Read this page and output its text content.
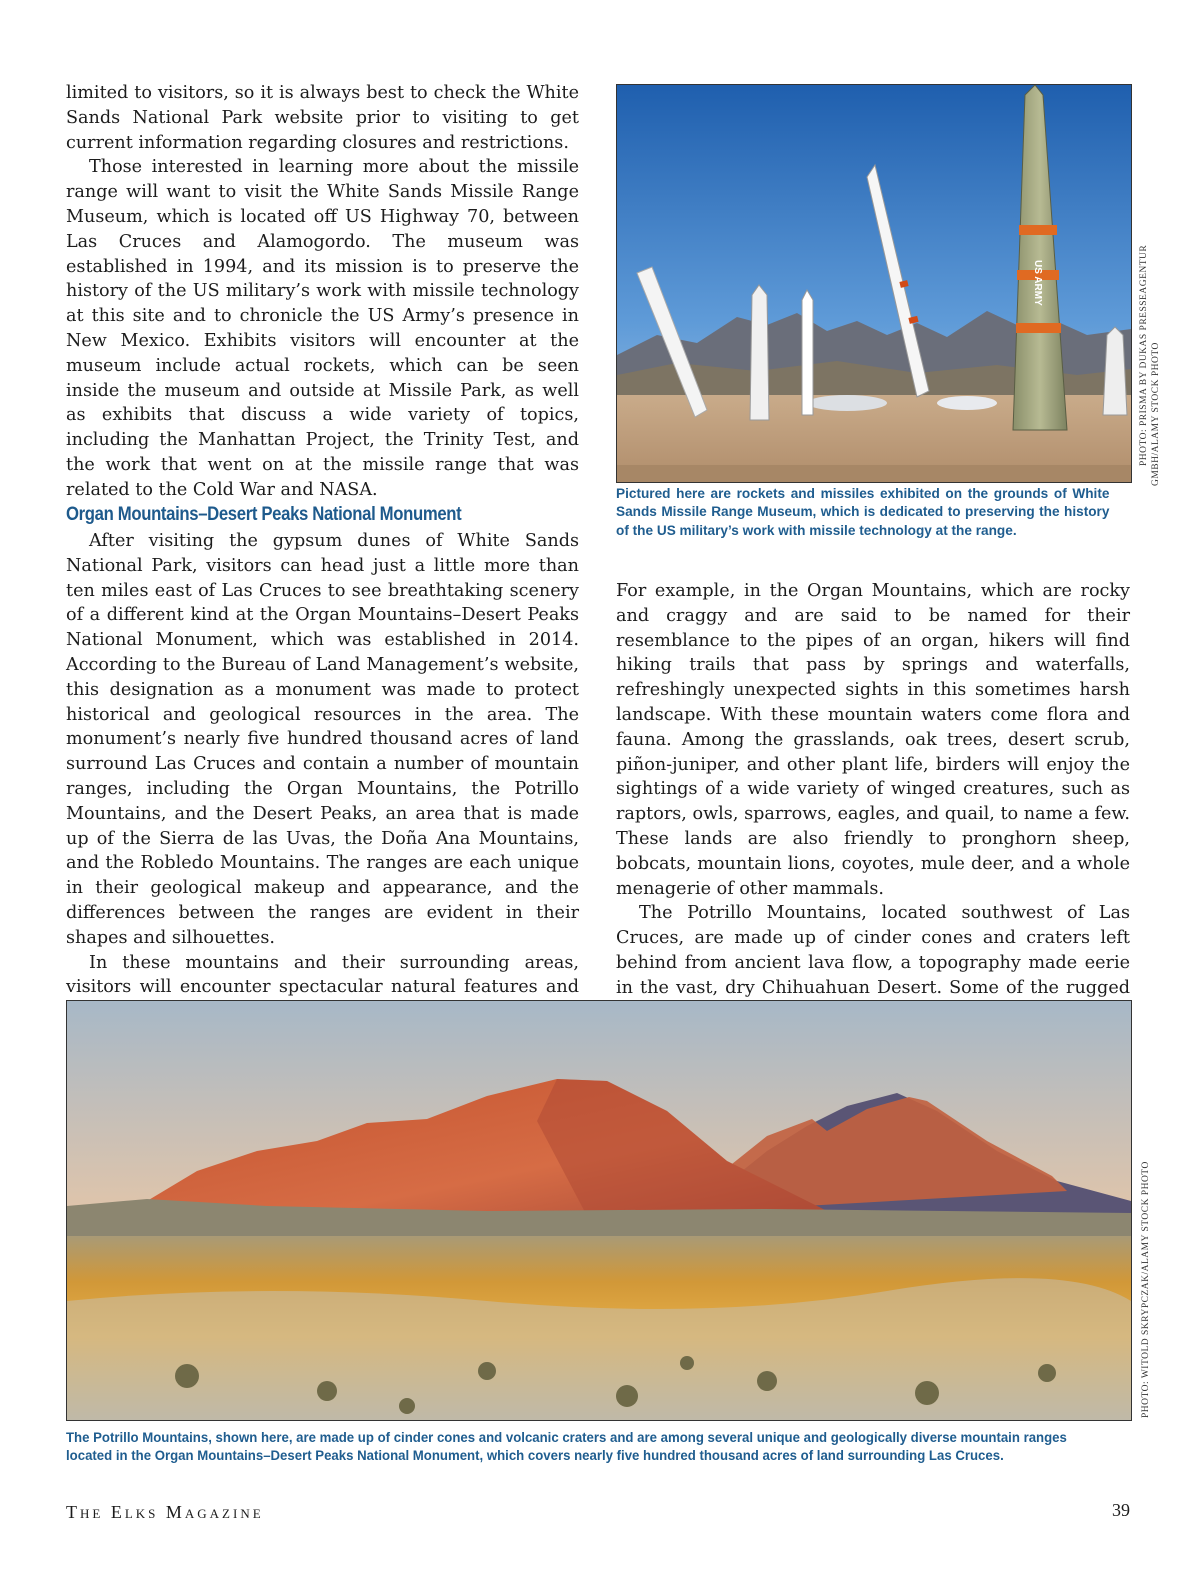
limited to visitors, so it is always best to check the White Sands National Park website prior to visiting to get current information regarding closures and restrictions.

Those interested in learning more about the missile range will want to visit the White Sands Missile Range Museum, which is located off US Highway 70, between Las Cruces and Alamogordo. The museum was established in 1994, and its mission is to preserve the history of the US military’s work with missile technology at this site and to chronicle the US Army’s presence in New Mexico. Exhibits visitors will encounter at the museum include actual rockets, which can be seen inside the museum and outside at Missile Park, as well as exhibits that discuss a wide variety of topics, including the Manhattan Project, the Trinity Test, and the work that went on at the missile range that was related to the Cold War and NASA.

Organ Mountains–Desert Peaks National Monument

After visiting the gypsum dunes of White Sands National Park, visitors can head just a little more than ten miles east of Las Cruces to see breathtaking scenery of a different kind at the Organ Mountains–Desert Peaks National Monument, which was established in 2014. According to the Bureau of Land Management’s website, this designation as a monument was made to protect historical and geological resources in the area. The monument’s nearly five hundred thousand acres of land surround Las Cruces and contain a number of mountain ranges, including the Organ Mountains, the Potrillo Mountains, and the Desert Peaks, an area that is made up of the Sierra de las Uvas, the Doña Ana Mountains, and the Robledo Mountains. The ranges are each unique in their geological makeup and appearance, and the differences between the ranges are evident in their shapes and silhouettes.

In these mountains and their surrounding areas, visitors will encounter spectacular natural features and

For example, in the Organ Mountains, which are rocky and craggy and are said to be named for their resemblance to the pipes of an organ, hikers will find hiking trails that pass by springs and waterfalls, refreshingly unexpected sights in this sometimes harsh landscape. With these mountain waters come flora and fauna. Among the grasslands, oak trees, desert scrub, piñon-juniper, and other plant life, birders will enjoy the sightings of a wide variety of winged creatures, such as raptors, owls, sparrows, eagles, and quail, to name a few. These lands are also friendly to pronghorn sheep, bobcats, mountain lions, coyotes, mule deer, and a whole menagerie of other mammals.

The Potrillo Mountains, located southwest of Las Cruces, are made up of cinder cones and craters left behind from ancient lava flow, a topography made eerie in the vast, dry Chihuahuan Desert. Some of the rugged

US ARMY	PHOTO: PRISMA BY DUKAS PRESSEAGENTUR GMBH/ALAMY STOCK PHOTO
Pictured here are rockets and missiles exhibited on the grounds of White Sands Missile Range Museum, which is dedicated to preserving the history of the US military’s work with missile technology at the range.
PHOTO: WITOLD SKRYPCZAK/ALAMY STOCK PHOTO
The Potrillo Mountains, shown here, are made up of cinder cones and volcanic craters and are among several unique and geologically diverse mountain ranges located in the Organ Mountains–Desert Peaks National Monument, which covers nearly five hundred thousand acres of land surrounding Las Cruces.
The Elks Magazine	39
